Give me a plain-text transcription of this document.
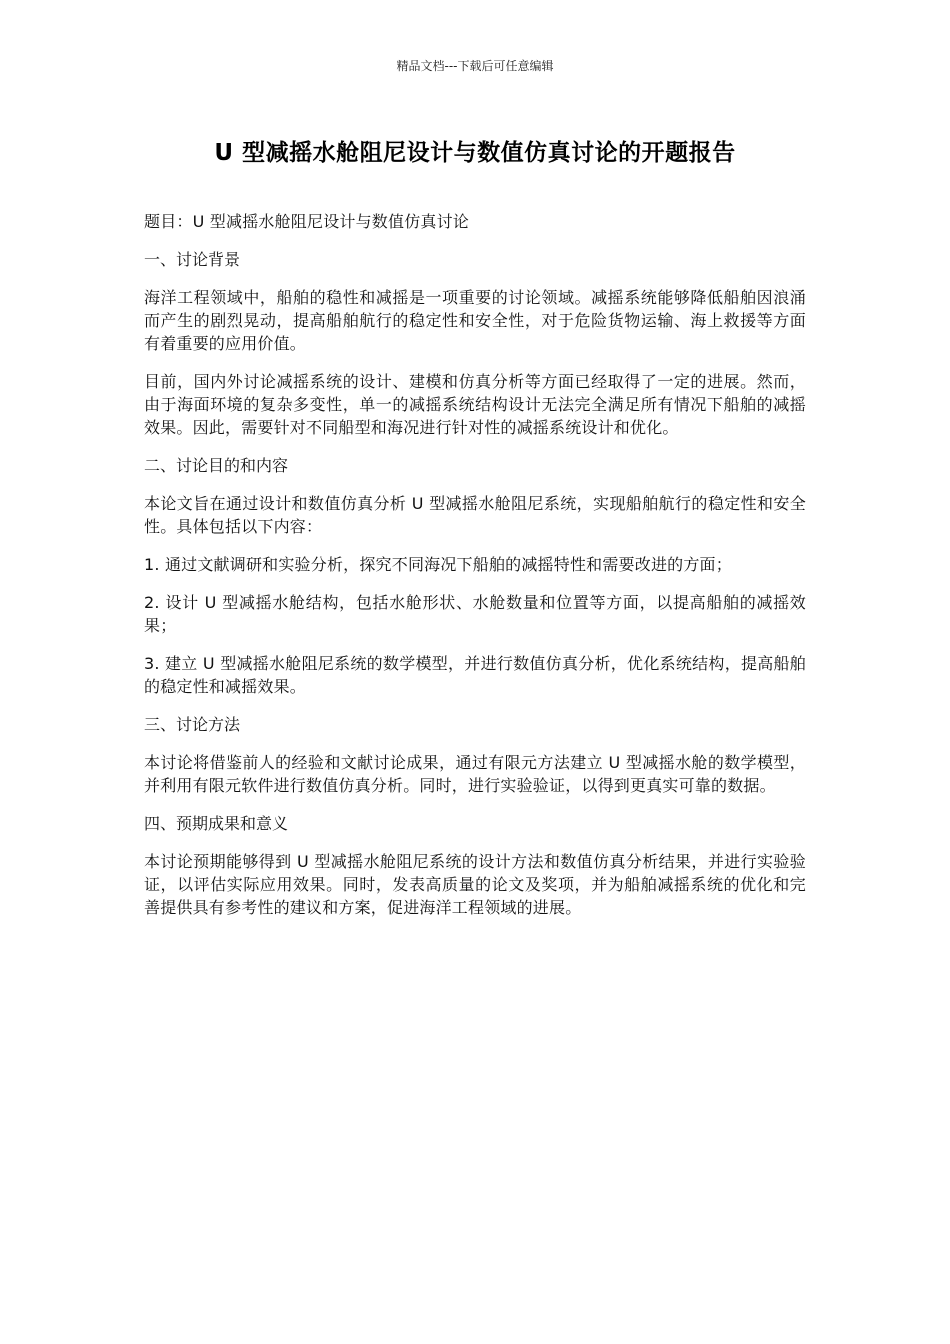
精品文档---下载后可任意编辑
U 型减摇水舱阻尼设计与数值仿真讨论的开题报告

题目：U 型减摇水舱阻尼设计与数值仿真讨论

一、讨论背景

海洋工程领域中，船舶的稳性和减摇是一项重要的讨论领域。减摇系统能够降低船舶因浪涌而产生的剧烈晃动，提高船舶航行的稳定性和安全性，对于危险货物运输、海上救援等方面有着重要的应用价值。

目前，国内外讨论减摇系统的设计、建模和仿真分析等方面已经取得了一定的进展。然而，由于海面环境的复杂多变性，单一的减摇系统结构设计无法完全满足所有情况下船舶的减摇效果。因此，需要针对不同船型和海况进行针对性的减摇系统设计和优化。

二、讨论目的和内容

本论文旨在通过设计和数值仿真分析 U 型减摇水舱阻尼系统，实现船舶航行的稳定性和安全性。具体包括以下内容：

1. 通过文献调研和实验分析，探究不同海况下船舶的减摇特性和需要改进的方面；

2. 设计 U 型减摇水舱结构，包括水舱形状、水舱数量和位置等方面，以提高船舶的减摇效果；

3. 建立 U 型减摇水舱阻尼系统的数学模型，并进行数值仿真分析，优化系统结构，提高船舶的稳定性和减摇效果。

三、讨论方法

本讨论将借鉴前人的经验和文献讨论成果，通过有限元方法建立 U 型减摇水舱的数学模型，并利用有限元软件进行数值仿真分析。同时，进行实验验证，以得到更真实可靠的数据。

四、预期成果和意义

本讨论预期能够得到 U 型减摇水舱阻尼系统的设计方法和数值仿真分析结果，并进行实验验证，以评估实际应用效果。同时，发表高质量的论文及奖项，并为船舶减摇系统的优化和完善提供具有参考性的建议和方案，促进海洋工程领域的进展。
